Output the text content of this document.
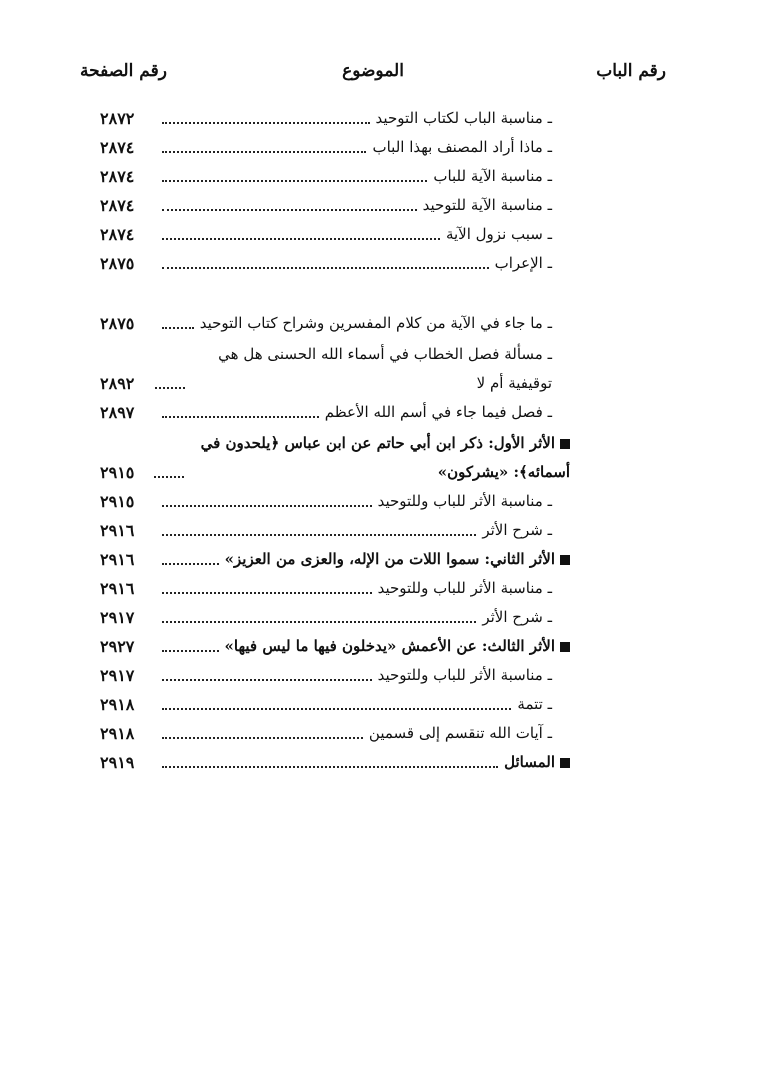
رقم الباب
الموضوع
رقم الصفحة
ـ مناسبة الباب لكتاب التوحيد
٢٨٧٢
ـ ماذا أراد المصنف بهذا الباب
٢٨٧٤
ـ مناسبة الآية للباب
٢٨٧٤
ـ مناسبة الآية للتوحيد
٢٨٧٤
ـ سبب نزول الآية
٢٨٧٤
ـ الإعراب
٢٨٧٥
ـ ما جاء في الآية من كلام المفسرين وشراح كتاب التوحيد
٢٨٧٥
ـ مسألة فصل الخطاب في أسماء الله الحسنى هل هي توقيفية أم لا
٢٨٩٢
ـ فصل فيما جاء في أسم الله الأعظم
٢٨٩٧
الأثر الأول: ذكر ابن أبي حاتم عن ابن عباس ﴿يلحدون في أسمائه﴾: «يشركون»
٢٩١٥
ـ مناسبة الأثر للباب وللتوحيد
٢٩١٥
ـ شرح الأثر
٢٩١٦
الأثر الثاني: سموا اللات من الإله، والعزى من العزيز»
٢٩١٦
ـ مناسبة الأثر للباب وللتوحيد
٢٩١٦
ـ شرح الأثر
٢٩١٧
الأثر الثالث: عن الأعمش «يدخلون فيها ما ليس فيها»
٢٩٢٧
ـ مناسبة الأثر للباب وللتوحيد
٢٩١٧
ـ تتمة
٢٩١٨
ـ آيات الله تنقسم إلى قسمين
٢٩١٨
المسائل
٢٩١٩
